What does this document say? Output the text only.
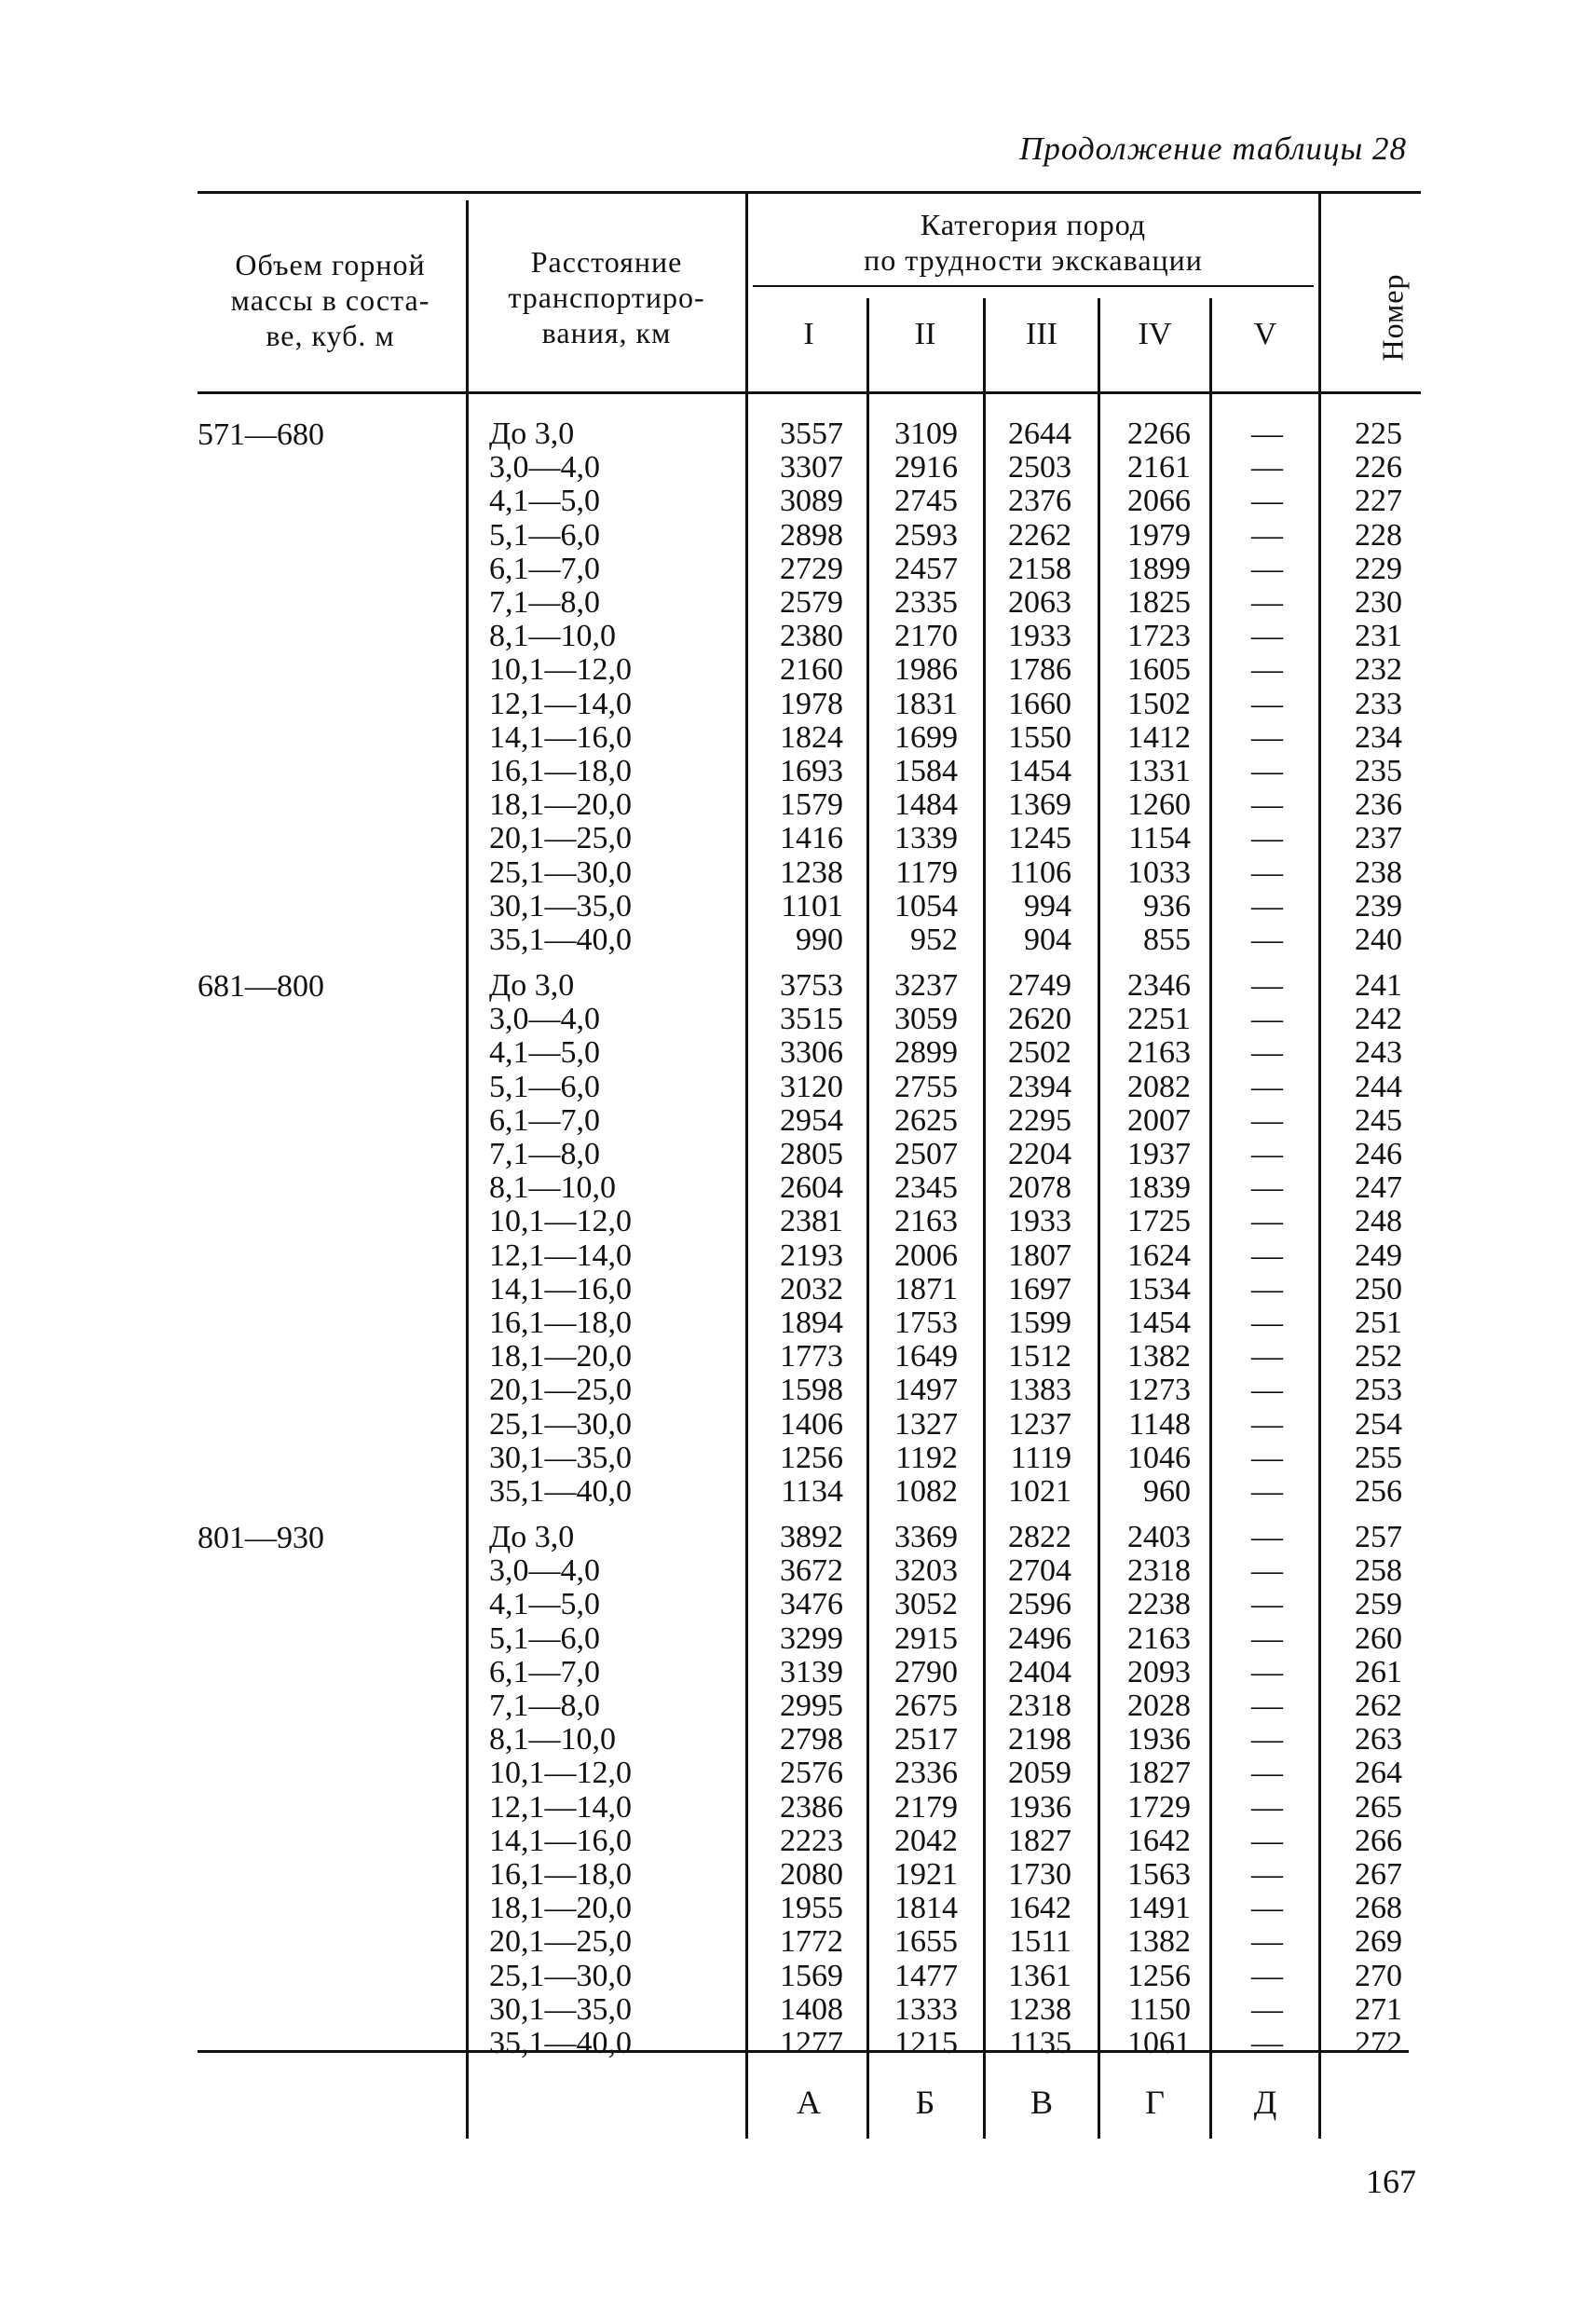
Продолжение таблицы 28
Объем горной
массы в соста-
ве, куб. м
Расстояние
транспортиро-
вания, км
Категория пород
по трудности экскавации
I	II	III	IV	V	Номер
571—680	До 3,0	3557	3109	2644	2266	—	225
3,0—4,0	3307	2916	2503	2161	—	226
4,1—5,0	3089	2745	2376	2066	—	227
5,1—6,0	2898	2593	2262	1979	—	228
6,1—7,0	2729	2457	2158	1899	—	229
7,1—8,0	2579	2335	2063	1825	—	230
8,1—10,0	2380	2170	1933	1723	—	231
10,1—12,0	2160	1986	1786	1605	—	232
12,1—14,0	1978	1831	1660	1502	—	233
14,1—16,0	1824	1699	1550	1412	—	234
16,1—18,0	1693	1584	1454	1331	—	235
18,1—20,0	1579	1484	1369	1260	—	236
20,1—25,0	1416	1339	1245	1154	—	237
25,1—30,0	1238	1179	1106	1033	—	238
30,1—35,0	1101	1054	994	936	—	239
35,1—40,0	990	952	904	855	—	240
681—800	До 3,0	3753	3237	2749	2346	—	241
3,0—4,0	3515	3059	2620	2251	—	242
4,1—5,0	3306	2899	2502	2163	—	243
5,1—6,0	3120	2755	2394	2082	—	244
6,1—7,0	2954	2625	2295	2007	—	245
7,1—8,0	2805	2507	2204	1937	—	246
8,1—10,0	2604	2345	2078	1839	—	247
10,1—12,0	2381	2163	1933	1725	—	248
12,1—14,0	2193	2006	1807	1624	—	249
14,1—16,0	2032	1871	1697	1534	—	250
16,1—18,0	1894	1753	1599	1454	—	251
18,1—20,0	1773	1649	1512	1382	—	252
20,1—25,0	1598	1497	1383	1273	—	253
25,1—30,0	1406	1327	1237	1148	—	254
30,1—35,0	1256	1192	1119	1046	—	255
35,1—40,0	1134	1082	1021	960	—	256
801—930	До 3,0	3892	3369	2822	2403	—	257
3,0—4,0	3672	3203	2704	2318	—	258
4,1—5,0	3476	3052	2596	2238	—	259
5,1—6,0	3299	2915	2496	2163	—	260
6,1—7,0	3139	2790	2404	2093	—	261
7,1—8,0	2995	2675	2318	2028	—	262
8,1—10,0	2798	2517	2198	1936	—	263
10,1—12,0	2576	2336	2059	1827	—	264
12,1—14,0	2386	2179	1936	1729	—	265
14,1—16,0	2223	2042	1827	1642	—	266
16,1—18,0	2080	1921	1730	1563	—	267
18,1—20,0	1955	1814	1642	1491	—	268
20,1—25,0	1772	1655	1511	1382	—	269
25,1—30,0	1569	1477	1361	1256	—	270
30,1—35,0	1408	1333	1238	1150	—	271
35,1—40,0	1277	1215	1135	1061	—	272
А	Б	В	Г	Д
167
